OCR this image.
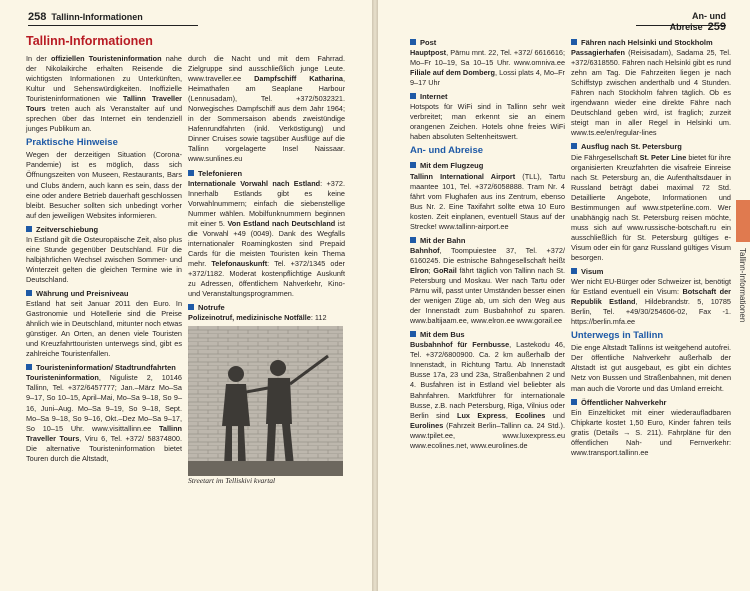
258 Tallinn-Informationen
Tallinn-Informationen

In der offiziellen Touristeninformation nahe der Nikolaikirche erhalten Reisende die wichtigsten Informationen zu Unterkünften, Kultur und Sehenswürdigkeiten. Inoffizielle Touristeninformationen wie Tallinn Traveller Tours treten auch als Veranstalter auf und sprechen über das Internet ein tendenziell junges Publikum an.

Praktische Hinweise

Wegen der derzeitigen Situation (Corona-Pandemie) ist es möglich, dass sich Öffnungszeiten von Museen, Restaurants, Bars und Clubs ändern, auch kann es sein, dass der eine oder andere Betrieb dauerhaft geschlossen bleibt. Besucher sollten sich unbedingt vorher auf den jeweiligen Websites informieren.

Zeitverschiebung

In Estland gilt die Osteuropäische Zeit, also plus eine Stunde gegenüber Deutschland. Für die halbjährlichen Wechsel zwischen Sommer- und Winterzeit gelten die gleichen Termine wie in Deutschland.

Währung und Preisniveau

Estland hat seit Januar 2011 den Euro. In Gastronomie und Hotellerie sind die Preise ähnlich wie in Deutschland, mitunter noch etwas günstiger. An Orten, an denen viele Touristen und Kreuzfahrttouristen unterwegs sind, gibt es zahlreiche Touristenfallen.

Touristeninformation/ Stadtrundfahrten

Touristeninformation, Niguliste 2, 10146 Tallinn, Tel. +372/6457777; Jan.–März Mo–Sa 9–17, So 10–15, April–Mai, Mo–Sa 9–18, So 9–16, Juni–Aug. Mo–Sa 9–19, So 9–18, Sept. Mo–Sa 9–18, So 9–16, Okt.–Dez Mo–Sa 9–17, So 10–15 Uhr. www.visittallinn.ee Tallinn Traveller Tours, Viru 6, Tel. +372/ 58374800. Die alternative Touristeninformation bietet Touren durch die Altstadt,

durch die Nacht und mit dem Fahrrad. Zielgruppe sind ausschließlich junge Leute. www.traveller.ee Dampfschiff Katharina, Heimathafen am Seaplane Harbour (Lennusadam), Tel. +372/5032321. Norwegisches Dampfschiff aus dem Jahr 1964; in der Sommersaison abends zweistündige Hafenrundfahrten (inkl. Verköstigung) und Dinner Cruises sowie tagsüber Ausflüge auf die Tallinn vorgelagerte Insel Naissaar. www.sunlines.eu

Telefonieren

Internationale Vorwahl nach Estland: +372. Innerhalb Estlands gibt es keine Vorwahlnummern; einfach die siebenstellige Nummer wählen. Mobilfunknummern beginnen mit einer 5. Von Estland nach Deutschland ist die Vorwahl +49 (0049). Dank des Wegfalls internationaler Roamingkosten sind Prepaid Cards für die meisten Touristen kein Thema mehr. Telefonauskunft: Tel. +372/1345 oder +372/1182. Moderat kostenpflichtige Auskunft zu Adressen, öffentlichem Nahverkehr, Kino- und Veranstaltungsprogrammen.

Notrufe

Polizeinotruf, medizinische Notfälle: 112

Streetart im Telliskivi kvartal
An- und Abreise 259
Post

Hauptpost, Pärnu mnt. 22, Tel. +372/ 6616616; Mo–Fr 10–19, Sa 10–15 Uhr. www.omniva.ee Filiale auf dem Domberg, Lossi plats 4, Mo–Fr 9–17 Uhr

Internet

Hotspots für WiFi sind in Tallinn sehr weit verbreitet; man erkennt sie an einem orangenen Zeichen. Hotels ohne freies WiFi haben absoluten Seltenheitswert.

An- und Abreise
Mit dem Flugzeug

Tallinn International Airport (TLL), Tartu maantee 101, Tel. +372/6058888. Tram Nr. 4 fährt vom Flughafen aus ins Zentrum, ebenso Bus Nr. 2. Eine Taxifahrt sollte etwa 10 Euro kosten. Zeit einplanen, eventuell Staus auf der Strecke! www.tallinn-airport.ee

Mit der Bahn

Bahnhof, Toompuiestee 37, Tel. +372/ 6160245. Die estnische Bahngesellschaft heißt Elron; GoRail fährt täglich von Tallinn nach St. Petersburg und Moskau. Wer nach Tartu oder Pärnu will, passt unter Umständen besser einen der wenigen Züge ab, um sich den Weg aus der Innenstadt zum Busbahnhof zu sparen. www.baltijaam.ee, www.elron.ee www.gorail.ee

Mit dem Bus

Busbahnhof für Fernbusse, Lastekodu 46, Tel. +372/6800900. Ca. 2 km außerhalb der Innenstadt, in Richtung Tartu. Ab Innenstadt Busse 17a, 23 und 23a, Straßenbahnen 2 und 4. Busfahren ist in Estland viel beliebter als Bahnfahren. Marktführer für internationale Busse, z.B. nach Petersburg, Riga, Vilnius oder Berlin sind Lux Express, Ecolines und Eurolines (Fahrzeit Berlin–Tallinn ca. 24 Std.). www.tpilet.ee, www.luxexpress.eu www.ecolines.net, www.eurolines.de

Fähren nach Helsinki und Stockholm

Passagierhafen (Reisisadam), Sadama 25, Tel. +372/6318550. Fähren nach Helsinki gibt es rund zehn am Tag. Die Fahrzeiten liegen je nach Schiffstyp zwischen anderthalb und 4 Stunden. Fähren nach Stockholm fahren täglich. Ob es irgendwann wieder eine direkte Fähre nach Deutschland geben wird, ist fraglich; zurzeit steigt man in aller Regel in Helsinki um. www.ts.ee/en/regular-lines

Ausflug nach St. Petersburg

Die Fährgesellschaft St. Peter Line bietet für ihre organisierten Kreuzfahrten die visafreie Einreise nach St. Petersburg an, die Aufenthaltsdauer in Russland beträgt dabei maximal 72 Std. Detaillierte Angebote, Informationen und Bestimmungen auf www.stpeterline.com. Wer unabhängig nach St. Petersburg reisen möchte, muss sich auf www.russische-botschaft.ru ein ausschließlich für St. Petersburg gültiges e-Visum oder ein für ganz Russland gültiges Visum besorgen.

Visum

Wer nicht EU-Bürger oder Schweizer ist, benötigt für Estland eventuell ein Visum: Botschaft der Republik Estland, Hildebrandstr. 5, 10785 Berlin, Tel. +49/30/254606-02, Fax -1. https://berlin.mfa.ee

Unterwegs in Tallinn

Die enge Altstadt Tallinns ist weitgehend autofrei. Der öffentliche Nahverkehr außerhalb der Altstadt ist gut ausgebaut, es gibt ein dichtes Netz von Bussen und Straßenbahnen, mit denen man auch die Vororte und das Umland erreicht.

Öffentlicher Nahverkehr

Ein Einzelticket mit einer wiederaufladbaren Chipkarte kostet 1,50 Euro, Kinder fahren teils gratis (Details → S. 211). Fahrpläne für den öffentlichen Nah- und Fernverkehr: www.transport.tallinn.ee

Tallinn-Informationen
